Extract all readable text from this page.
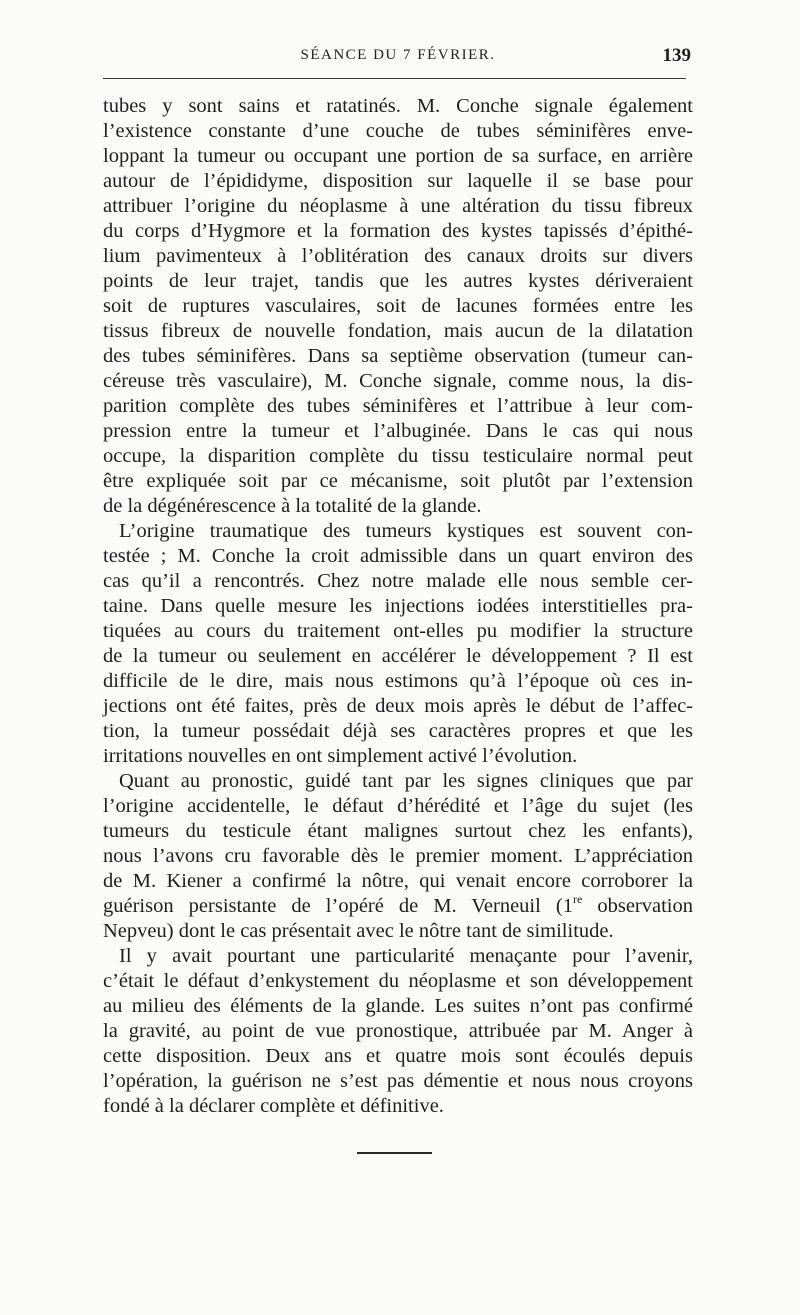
SÉANCE DU 7 FÉVRIER.	139
tubes y sont sains et ratatinés. M. Conche signale également
l’existence constante d’une couche de tubes séminifères enve-
loppant la tumeur ou occupant une portion de sa surface, en arrière
autour de l’épididyme, disposition sur laquelle il se base pour
attribuer l’origine du néoplasme à une altération du tissu fibreux
du corps d’Hygmore et la formation des kystes tapissés d’épithé-
lium pavimenteux à l’oblitération des canaux droits sur divers
points de leur trajet, tandis que les autres kystes dériveraient
soit de ruptures vasculaires, soit de lacunes formées entre les
tissus fibreux de nouvelle fondation, mais aucun de la dilatation
des tubes séminifères. Dans sa septième observation (tumeur can-
céreuse très vasculaire), M. Conche signale, comme nous, la dis-
parition complète des tubes séminifères et l’attribue à leur com-
pression entre la tumeur et l’albuginée. Dans le cas qui nous
occupe, la disparition complète du tissu testiculaire normal peut
être expliquée soit par ce mécanisme, soit plutôt par l’extension
de la dégénérescence à la totalité de la glande.
L’origine traumatique des tumeurs kystiques est souvent con-
testée ; M. Conche la croit admissible dans un quart environ des
cas qu’il a rencontrés. Chez notre malade elle nous semble cer-
taine. Dans quelle mesure les injections iodées interstitielles pra-
tiquées au cours du traitement ont-elles pu modifier la structure
de la tumeur ou seulement en accélérer le développement ? Il est
difficile de le dire, mais nous estimons qu’à l’époque où ces in-
jections ont été faites, près de deux mois après le début de l’affec-
tion, la tumeur possédait déjà ses caractères propres et que les
irritations nouvelles en ont simplement activé l’évolution.
Quant au pronostic, guidé tant par les signes cliniques que par
l’origine accidentelle, le défaut d’hérédité et l’âge du sujet (les
tumeurs du testicule étant malignes surtout chez les enfants),
nous l’avons cru favorable dès le premier moment. L’appréciation
de M. Kiener a confirmé la nôtre, qui venait encore corroborer la
guérison persistante de l’opéré de M. Verneuil (1re observation
Nepveu) dont le cas présentait avec le nôtre tant de similitude.
Il y avait pourtant une particularité menaçante pour l’avenir,
c’était le défaut d’enkystement du néoplasme et son développement
au milieu des éléments de la glande. Les suites n’ont pas confirmé
la gravité, au point de vue pronostique, attribuée par M. Anger à
cette disposition. Deux ans et quatre mois sont écoulés depuis
l’opération, la guérison ne s’est pas démentie et nous nous croyons
fondé à la déclarer complète et définitive.
